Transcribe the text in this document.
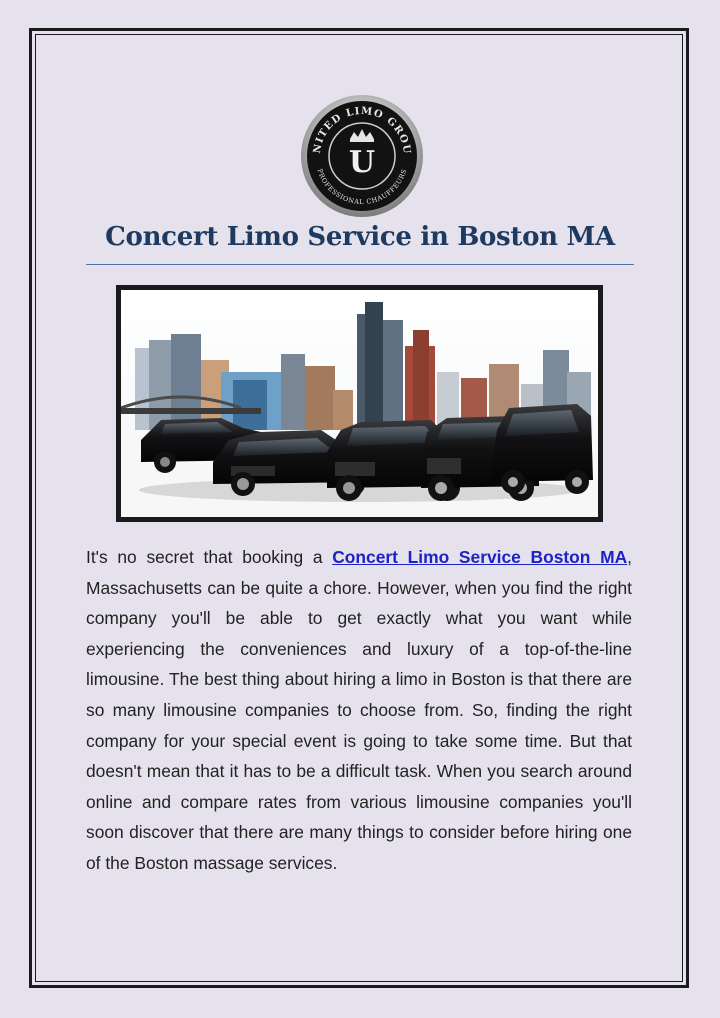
NITED LIMO GROU
PROFESSIONAL CHAUFFEURS
U
Concert Limo Service in Boston MA

It's no secret that booking a Concert Limo Service Boston MA, Massachusetts can be quite a chore. However, when you find the right company you'll be able to get exactly what you want while experiencing the conveniences and luxury of a top-of-the-line limousine. The best thing about hiring a limo in Boston is that there are so many limousine companies to choose from. So, finding the right company for your special event is going to take some time. But that doesn't mean that it has to be a difficult task. When you search around online and compare rates from various limousine companies you'll soon discover that there are many things to consider before hiring one of the Boston massage services.
